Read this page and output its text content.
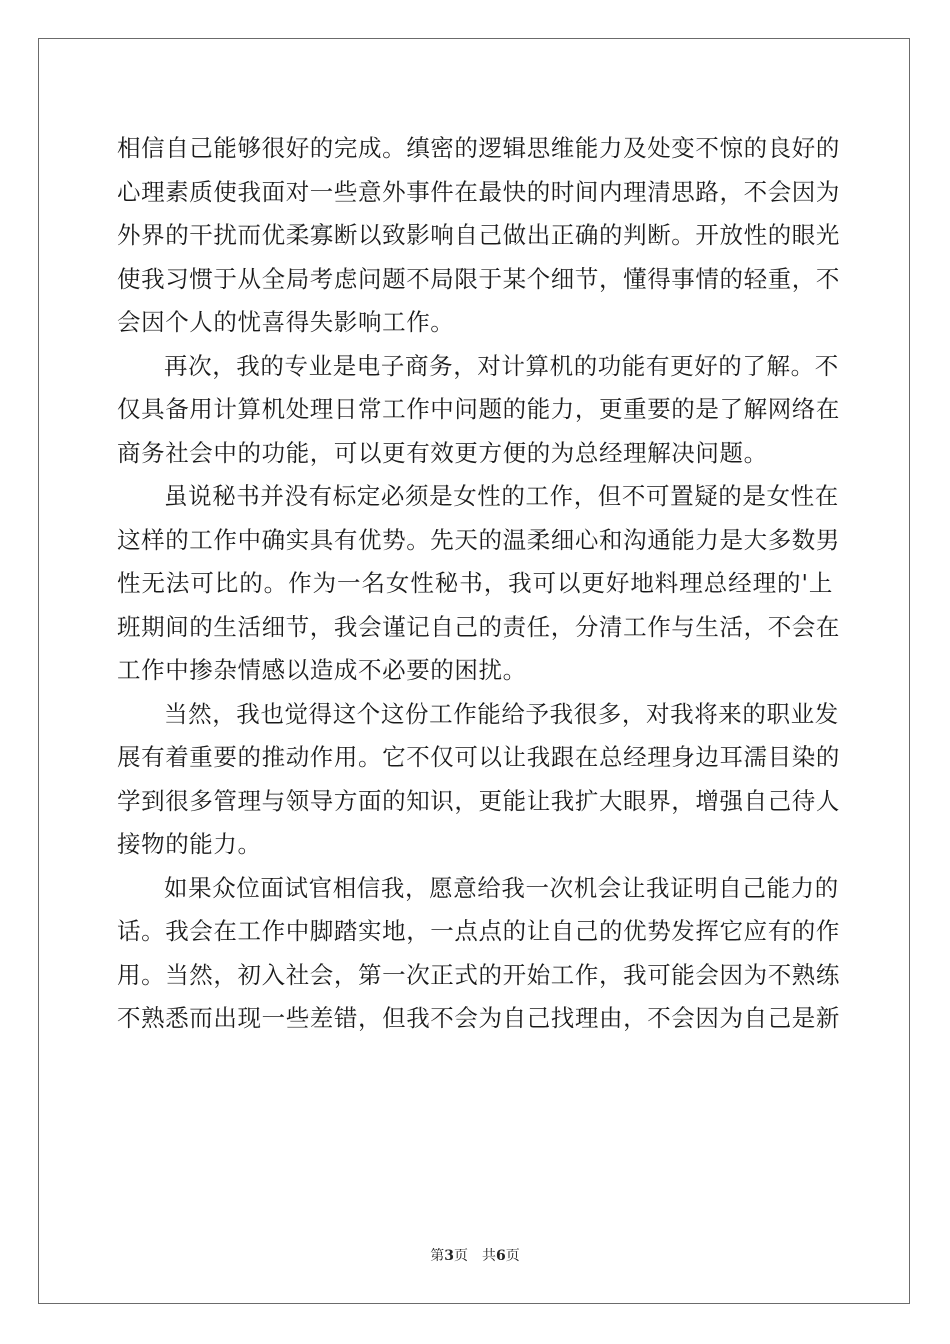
相信自己能够很好的完成。缜密的逻辑思维能力及处变不惊的良好的
心理素质使我面对一些意外事件在最快的时间内理清思路，不会因为
外界的干扰而优柔寡断以致影响自己做出正确的判断。开放性的眼光
使我习惯于从全局考虑问题不局限于某个细节，懂得事情的轻重，不
会因个人的忧喜得失影响工作。
再次，我的专业是电子商务，对计算机的功能有更好的了解。不
仅具备用计算机处理日常工作中问题的能力，更重要的是了解网络在
商务社会中的功能，可以更有效更方便的为总经理解决问题。
虽说秘书并没有标定必须是女性的工作，但不可置疑的是女性在
这样的工作中确实具有优势。先天的温柔细心和沟通能力是大多数男
性无法可比的。作为一名女性秘书，我可以更好地料理总经理的'上
班期间的生活细节，我会谨记自己的责任，分清工作与生活，不会在
工作中掺杂情感以造成不必要的困扰。
当然，我也觉得这个这份工作能给予我很多，对我将来的职业发
展有着重要的推动作用。它不仅可以让我跟在总经理身边耳濡目染的
学到很多管理与领导方面的知识，更能让我扩大眼界，增强自己待人
接物的能力。
如果众位面试官相信我，愿意给我一次机会让我证明自己能力的
话。我会在工作中脚踏实地，一点点的让自己的优势发挥它应有的作
用。当然，初入社会，第一次正式的开始工作，我可能会因为不熟练
不熟悉而出现一些差错，但我不会为自己找理由，不会因为自己是新
第3页 共6页
